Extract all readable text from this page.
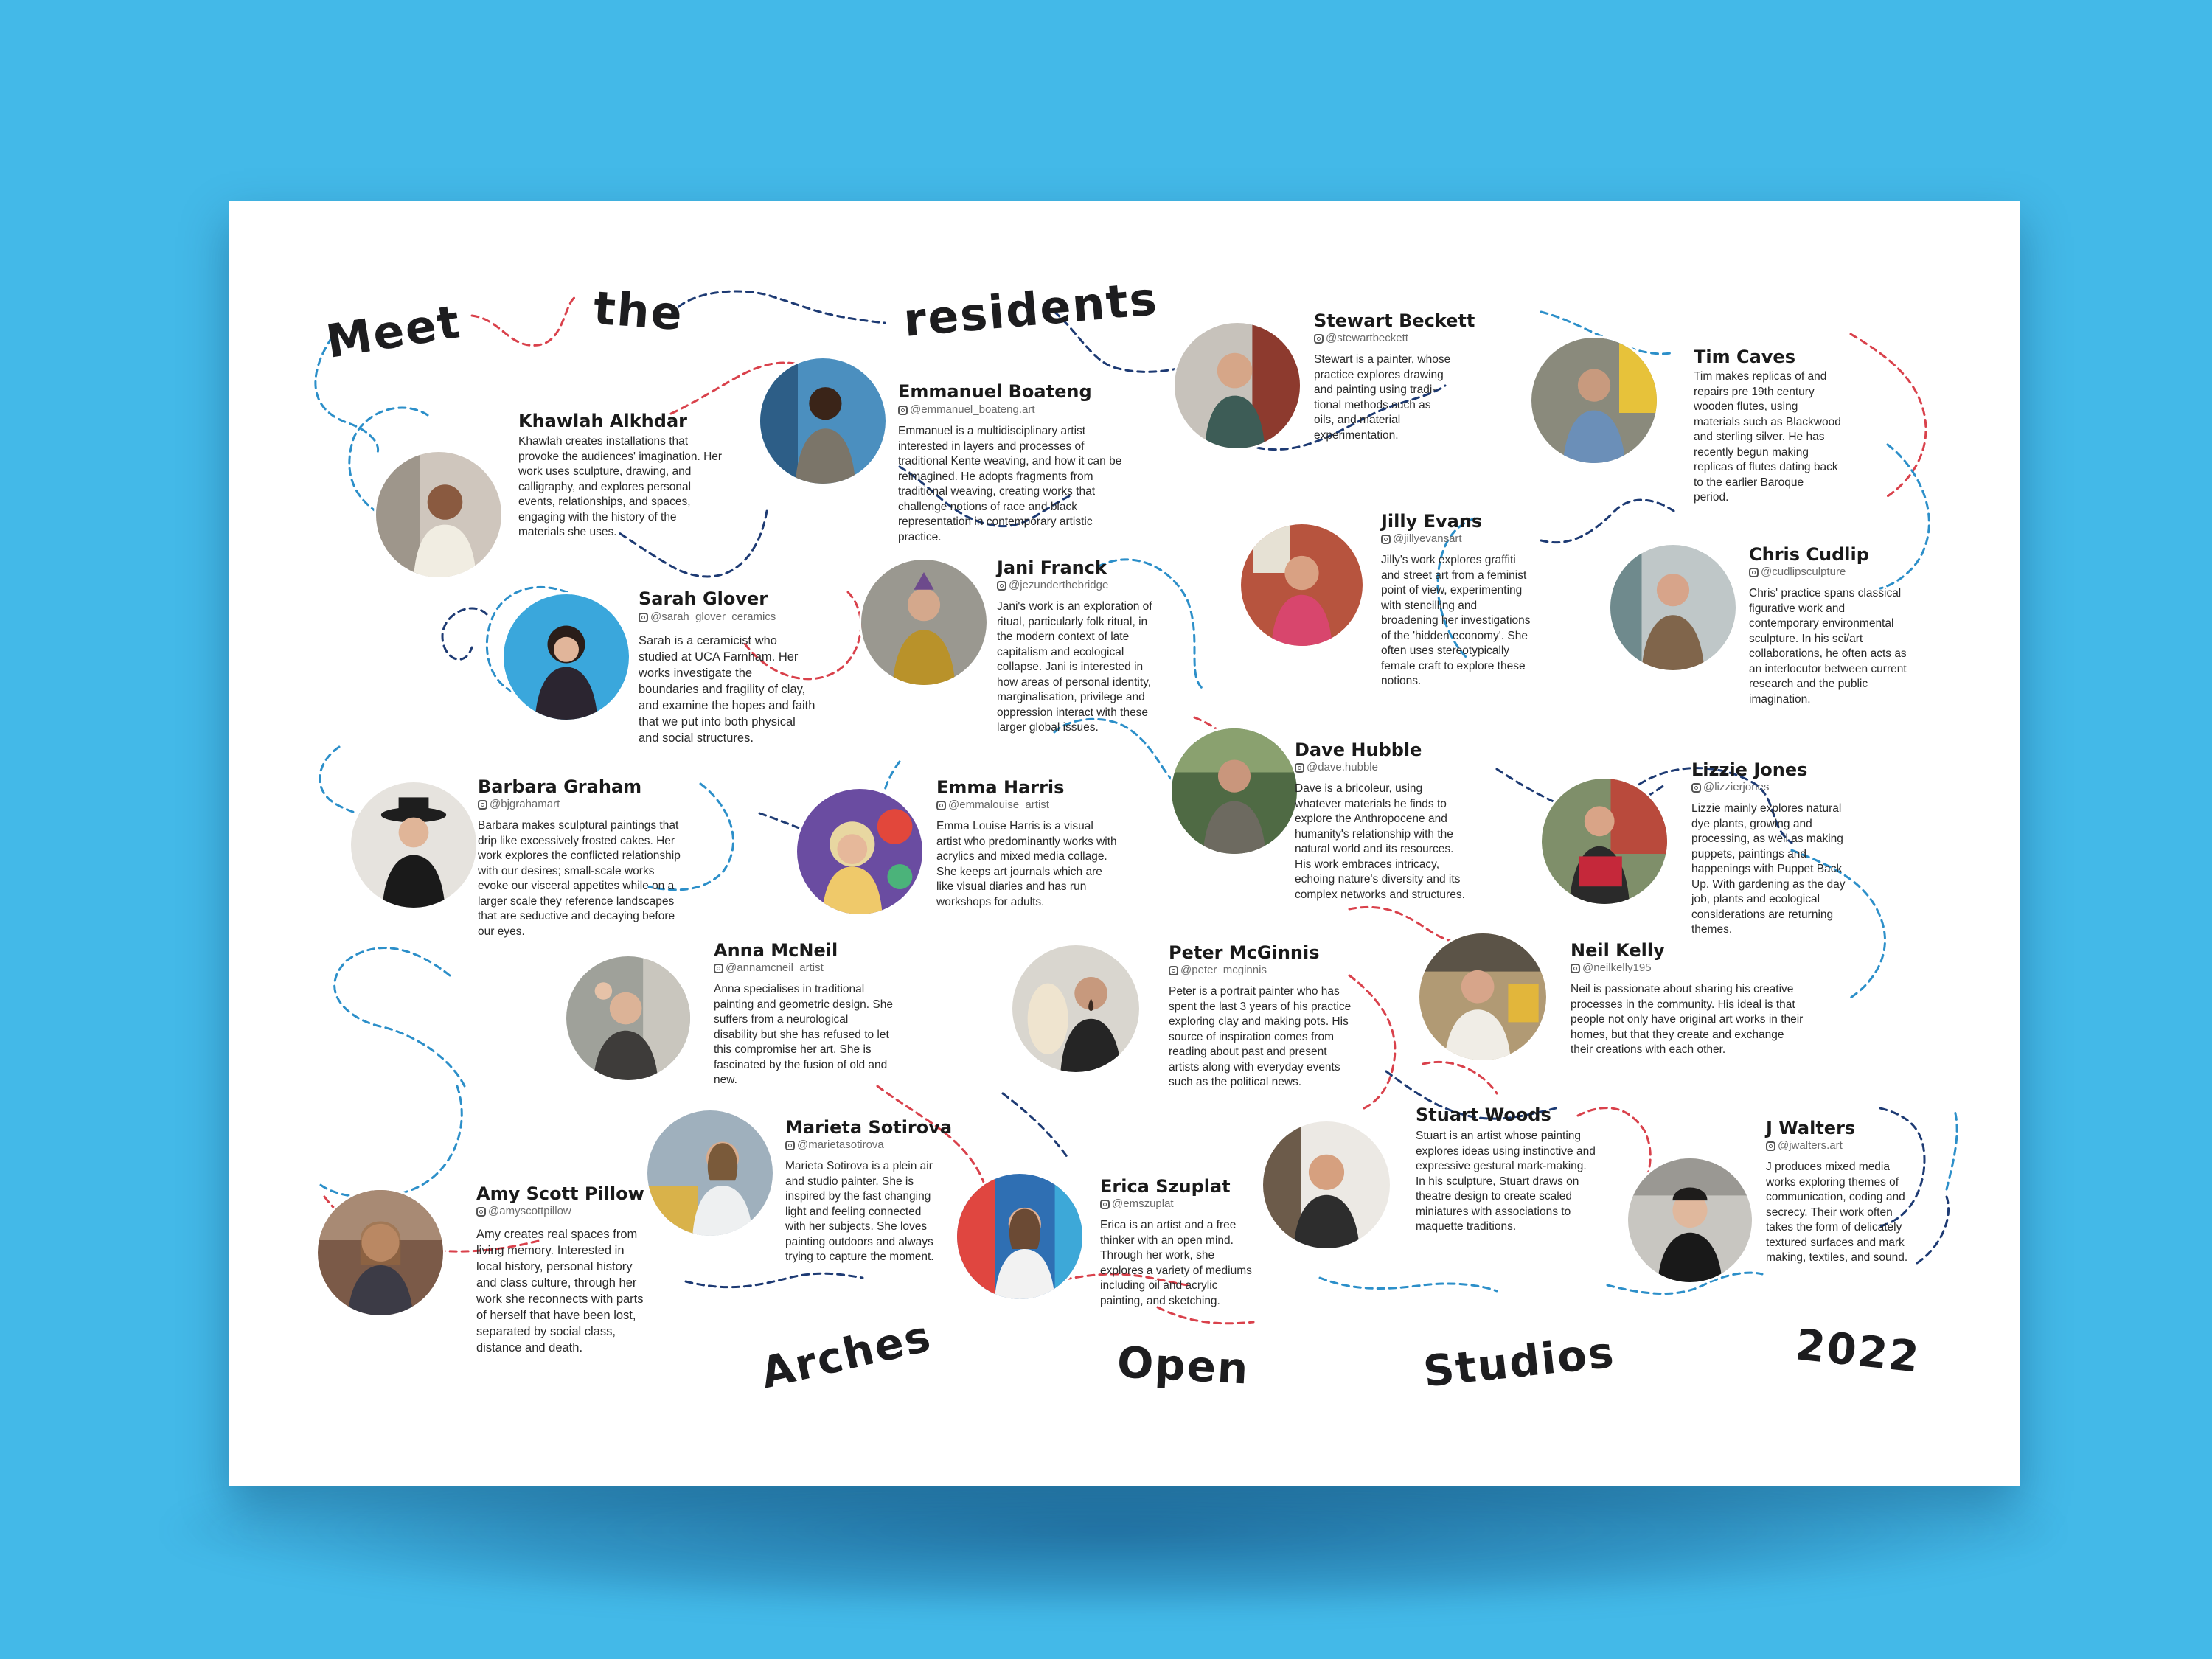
Meet	the	residents
Arches	Open	Studios	2022
Khawlah Alkhdar
Khawlah creates installations that provoke the audiences' imagination. Her work uses sculpture, drawing, and calligraphy, and explores personal events, relationships, and spaces, engaging with the history of the materials she uses.
Emmanuel Boateng
@emmanuel_boateng.art
Emmanuel is a multidisciplinary artist interested in layers and processes of traditional Kente weaving, and how it can be reimagined. He adopts fragments from traditional weaving, creating works that challenge notions of race and black representation in contemporary artistic practice.
Stewart Beckett
@stewartbeckett
Stewart is a painter, whose practice explores drawing and painting using tradi-tional methods such as oils, and material experimentation.
Tim Caves
Tim makes replicas of and repairs pre 19th century wooden flutes, using materials such as Blackwood and sterling silver. He has recently begun making replicas of flutes dating back to the earlier Baroque period.
Sarah Glover
@sarah_glover_ceramics
Sarah is a ceramicist who studied at UCA Farnham. Her works investigate the boundaries and fragility of clay, and examine the hopes and faith that we put into both physical and social structures.
Jani Franck
@jezunderthebridge
Jani's work is an exploration of ritual, particularly folk ritual, in the modern context of late capitalism and ecological collapse. Jani is interested in how areas of personal identity, marginalisation, privilege and oppression interact with these larger global issues.
Jilly Evans
@jillyevansart
Jilly's work explores graffiti and street art from a feminist point of view, experimenting with stencilling and broadening her investigations of the 'hidden economy'. She often uses stereotypically female craft to explore these notions.
Chris Cudlip
@cudlipsculpture
Chris' practice spans classical figurative work and contemporary environmental sculpture. In his sci/art collaborations, he often acts as an interlocutor between current research and the public imagination.
Barbara Graham
@bjgrahamart
Barbara makes sculptural paintings that drip like excessively frosted cakes. Her work explores the conflicted relationship with our desires; small-scale works evoke our visceral appetites while on a larger scale they reference landscapes that are seductive and decaying before our eyes.
Emma Harris
@emmalouise_artist
Emma Louise Harris is a visual artist who predominantly works with acrylics and mixed media collage. She keeps art journals which are like visual diaries and has run workshops for adults.
Dave Hubble
@dave.hubble
Dave is a bricoleur, using whatever materials he finds to explore the Anthropocene and humanity's relationship with the natural world and its resources. His work embraces intricacy, echoing nature's diversity and its complex networks and structures.
Lizzie Jones
@lizzierjones
Lizzie mainly explores natural dye plants, growing and processing, as well as making puppets, paintings and happenings with Puppet Back Up. With gardening as the day job, plants and ecological considerations are returning themes.
Anna McNeil
@annamcneil_artist
Anna specialises in traditional painting and geometric design. She suffers from a neurological disability but she has refused to let this compromise her art. She is fascinated by the fusion of old and new.
Peter McGinnis
@peter_mcginnis
Peter is a portrait painter who has spent the last 3 years of his practice exploring clay and making pots. His source of inspiration comes from reading about past and present artists along with everyday events such as the political news.
Neil Kelly
@neilkelly195
Neil is passionate about sharing his creative processes in the community. His ideal is that people not only have original art works in their homes, but that they create and exchange their creations with each other.
Marieta Sotirova
@marietasotirova
Marieta Sotirova is a plein air and studio painter. She is inspired by the fast changing light and feeling connected with her subjects. She loves painting outdoors and always trying to capture the moment.
Stuart Woods
Stuart is an artist whose painting explores ideas using instinctive and expressive gestural mark-making. In his sculpture, Stuart draws on theatre design to create scaled miniatures with associations to maquette traditions.
J Walters
@jwalters.art
J produces mixed media works exploring themes of communication, coding and secrecy. Their work often takes the form of delicately textured surfaces and mark making, textiles, and sound.
Amy Scott Pillow
@amyscottpillow
Amy creates real spaces from living memory. Interested in local history, personal history and class culture, through her work she reconnects with parts of herself that have been lost, separated by social class, distance and death.
Erica Szuplat
@emszuplat
Erica is an artist and a free thinker with an open mind. Through her work, she explores a variety of mediums including oil and acrylic painting, and sketching.
